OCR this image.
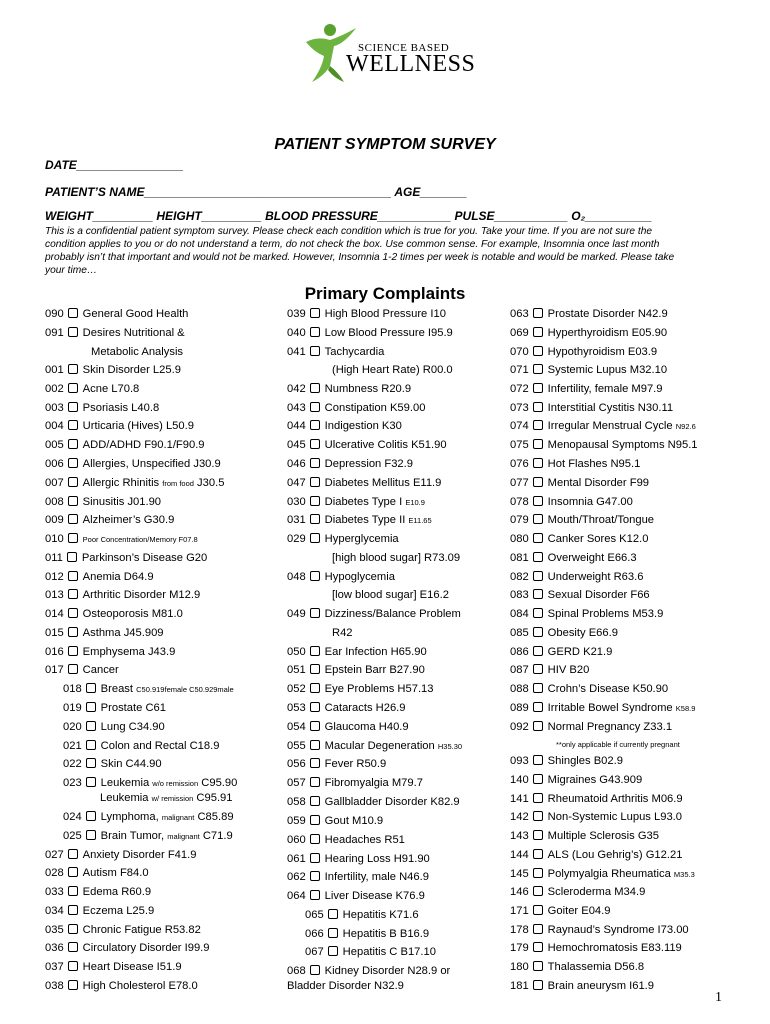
SCIENCE BASED
WELLNESS
PATIENT SYMPTOM SURVEY
DATE________________
PATIENT’S NAME_____________________________________ AGE_______
WEIGHT_________ HEIGHT_________ BLOOD PRESSURE___________ PULSE___________ O₂__________
This is a confidential patient symptom survey. Please check each condition which is true for you. Take your time. If you are not sure the condition applies to you or do not understand a term, do not check the box. Use common sense. For example, Insomnia once last month probably isn’t that important and would not be marked. However, Insomnia 1-2 times per week is notable and would be marked. Please take your time…
Primary Complaints
090 General Good Health
091 Desires Nutritional &
Metabolic Analysis
001 Skin Disorder L25.9
002 Acne L70.8
003 Psoriasis L40.8
004 Urticaria (Hives) L50.9
005 ADD/ADHD F90.1/F90.9
006 Allergies, Unspecified J30.9
007 Allergic Rhinitis from food J30.5
008 Sinusitis J01.90
009 Alzheimer’s G30.9
010	Poor Concentration/Memory F07.8
011 Parkinson’s Disease G20
012 Anemia D64.9
013 Arthritic Disorder M12.9
014 Osteoporosis M81.0
015 Asthma J45.909
016 Emphysema J43.9
017 Cancer
018 Breast C50.919female C50.929male
019 Prostate C61
020 Lung C34.90
021 Colon and Rectal C18.9
022 Skin C44.90
023 Leukemia w/o remission C95.90
Leukemia w/ remission C95.91
024 Lymphoma, malignant C85.89
025 Brain Tumor, malignant C71.9
027 Anxiety Disorder F41.9
028 Autism F84.0
033 Edema R60.9
034 Eczema L25.9
035 Chronic Fatigue R53.82
036 Circulatory Disorder I99.9
037 Heart Disease I51.9
038 High Cholesterol E78.0
039 High Blood Pressure I10
040 Low Blood Pressure I95.9
041 Tachycardia
(High Heart Rate) R00.0
042 Numbness R20.9
043 Constipation K59.00
044 Indigestion K30
045 Ulcerative Colitis K51.90
046 Depression F32.9
047 Diabetes Mellitus E11.9
030 Diabetes Type I E10.9
031 Diabetes Type II E11.65
029 Hyperglycemia
[high blood sugar] R73.09
048 Hypoglycemia
[low blood sugar] E16.2
049 Dizziness/Balance Problem
R42
050 Ear Infection H65.90
051 Epstein Barr B27.90
052 Eye Problems H57.13
053 Cataracts H26.9
054 Glaucoma H40.9
055 Macular Degeneration H35.30
056 Fever R50.9
057 Fibromyalgia M79.7
058 Gallbladder Disorder K82.9
059 Gout M10.9
060 Headaches R51
061 Hearing Loss H91.90
062 Infertility, male N46.9
064 Liver Disease K76.9
065 Hepatitis K71.6
066 Hepatitis B B16.9
067 Hepatitis C B17.10
068 Kidney Disorder N28.9 or
Bladder Disorder N32.9
063 Prostate Disorder N42.9
069 Hyperthyroidism E05.90
070 Hypothyroidism E03.9
071 Systemic Lupus M32.10
072 Infertility, female M97.9
073 Interstitial Cystitis N30.11
074 Irregular Menstrual Cycle N92.6
075 Menopausal Symptoms N95.1
076 Hot Flashes N95.1
077 Mental Disorder F99
078 Insomnia G47.00
079 Mouth/Throat/Tongue
080 Canker Sores K12.0
081 Overweight E66.3
082 Underweight R63.6
083 Sexual Disorder F66
084 Spinal Problems M53.9
085 Obesity E66.9
086 GERD K21.9
087 HIV B20
088 Crohn’s Disease K50.90
089 Irritable Bowel Syndrome K58.9
092 Normal Pregnancy Z33.1
**only applicable if currently pregnant
093 Shingles B02.9
140 Migraines G43.909
141 Rheumatoid Arthritis M06.9
142 Non-Systemic Lupus L93.0
143 Multiple Sclerosis G35
144 ALS (Lou Gehrig’s) G12.21
145 Polymyalgia Rheumatica M35.3
146 Scleroderma M34.9
171 Goiter E04.9
178 Raynaud’s Syndrome I73.00
179 Hemochromatosis E83.119
180 Thalassemia D56.8
181 Brain aneurysm I61.9
1
